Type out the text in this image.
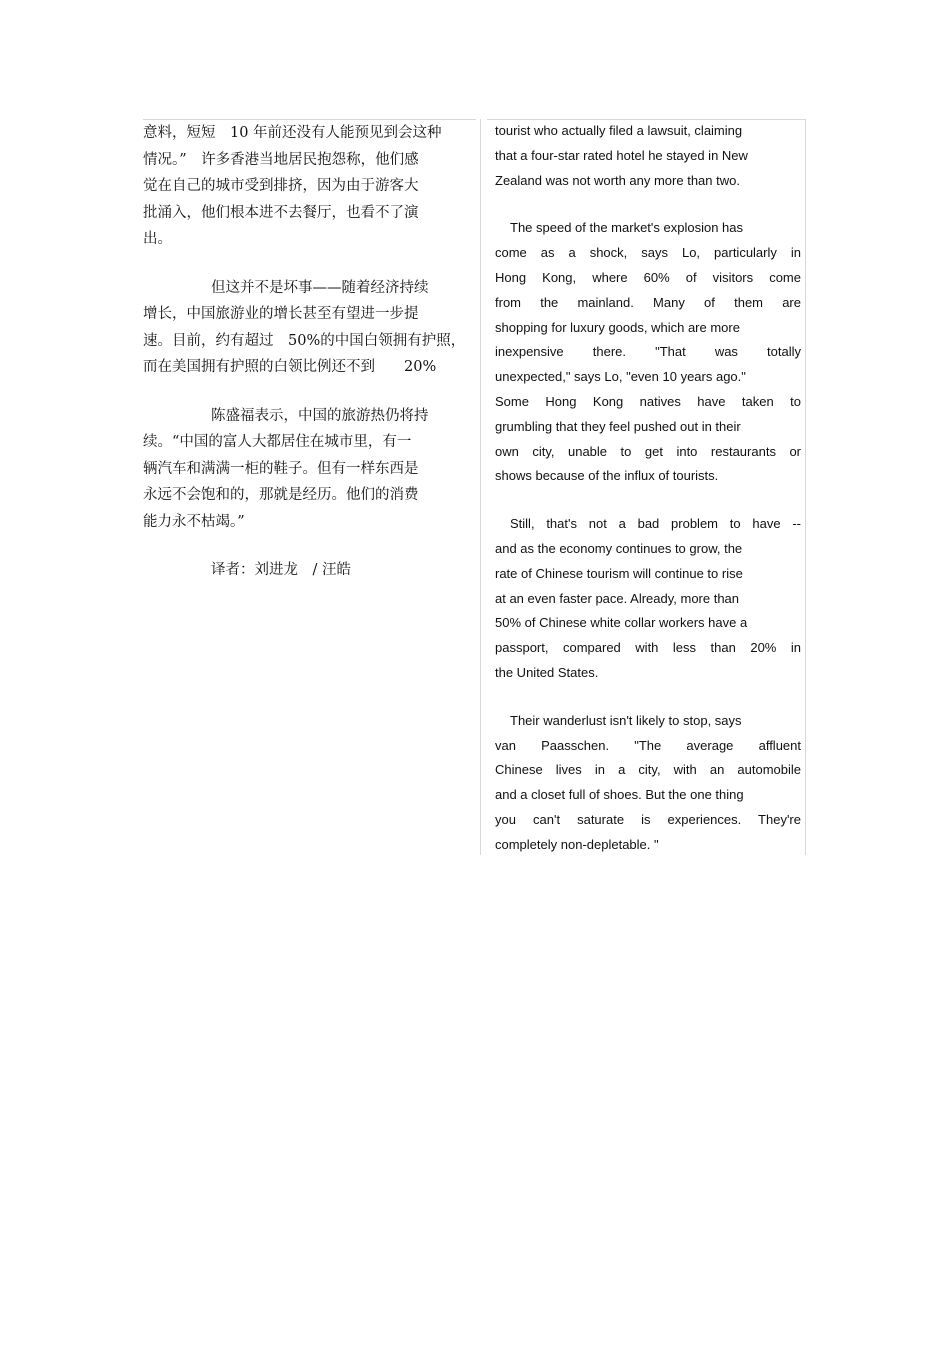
意料，短短　10 年前还没有人能预见到会这种
情况。”　许多香港当地居民抱怨称，他们感
觉在自己的城市受到排挤，因为由于游客大
批涌入，他们根本进不去餐厅，也看不了演
出。
但这并不是坏事——随着经济持续
增长，中国旅游业的增长甚至有望进一步提
速。目前，约有超过　50%的中国白领拥有护照，
而在美国拥有护照的白领比例还不到　　20%
陈盛福表示，中国的旅游热仍将持
续。“中国的富人大都居住在城市里，有一
辆汽车和满满一柜的鞋子。但有一样东西是
永远不会饱和的，那就是经历。他们的消费
能力永不枯竭。”
译者：刘进龙　/ 汪皓
tourist who actually filed a lawsuit, claiming
that a four-star rated hotel he stayed in New
Zealand was not worth any more than two.
The speed of the market's explosion has
come as a shock, says Lo, particularly in
Hong Kong, where 60% of visitors come
from the mainland. Many of them are
shopping for luxury goods, which are more
inexpensive there. "That was totally
unexpected," says Lo, "even 10 years ago."
Some Hong Kong natives have taken to
grumbling that they feel pushed out in their
own city, unable to get into restaurants or
shows because of the influx of tourists.
Still, that's not a bad problem to have --
and as the economy continues to grow, the
rate of Chinese tourism will continue to rise
at an even faster pace. Already, more than
50% of Chinese white collar workers have a
passport, compared with less than 20% in
the United States.
Their wanderlust isn't likely to stop, says
van Paasschen. "The average affluent
Chinese lives in a city, with an automobile
and a closet full of shoes. But the one thing
you can't saturate is experiences. They're
completely non-depletable. "
